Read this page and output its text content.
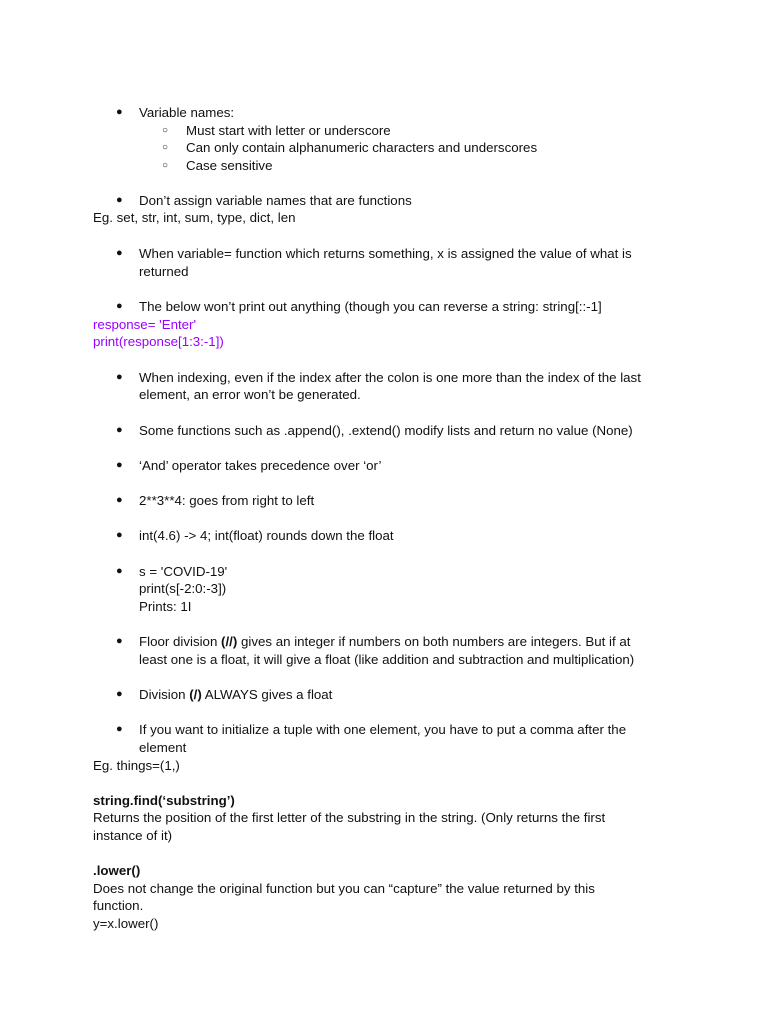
● Variable names:
○ Must start with letter or underscore
○ Can only contain alphanumeric characters and underscores
○ Case sensitive
● Don’t assign variable names that are functions
Eg. set, str, int, sum, type, dict, len
● When variable= function which returns something, x is assigned the value of what is
returned
● The below won’t print out anything (though you can reverse a string: string[::-1]
response= 'Enter'
print(response[1:3:-1])
● When indexing, even if the index after the colon is one more than the index of the last
element, an error won’t be generated.
● Some functions such as .append(), .extend() modify lists and return no value (None)
● ‘And’ operator takes precedence over ‘or’
● 2**3**4: goes from right to left
● int(4.6) -> 4; int(float) rounds down the float
● s = 'COVID-19'
print(s[-2:0:-3])
Prints: 1I
● Floor division (//) gives an integer if numbers on both numbers are integers. But if at
least one is a float, it will give a float (like addition and subtraction and multiplication)
● Division (/) ALWAYS gives a float
● If you want to initialize a tuple with one element, you have to put a comma after the
element
Eg. things=(1,)
string.find(‘substring’)
Returns the position of the first letter of the substring in the string. (Only returns the first
instance of it)
.lower()
Does not change the original function but you can “capture” the value returned by this
function.
y=x.lower()
